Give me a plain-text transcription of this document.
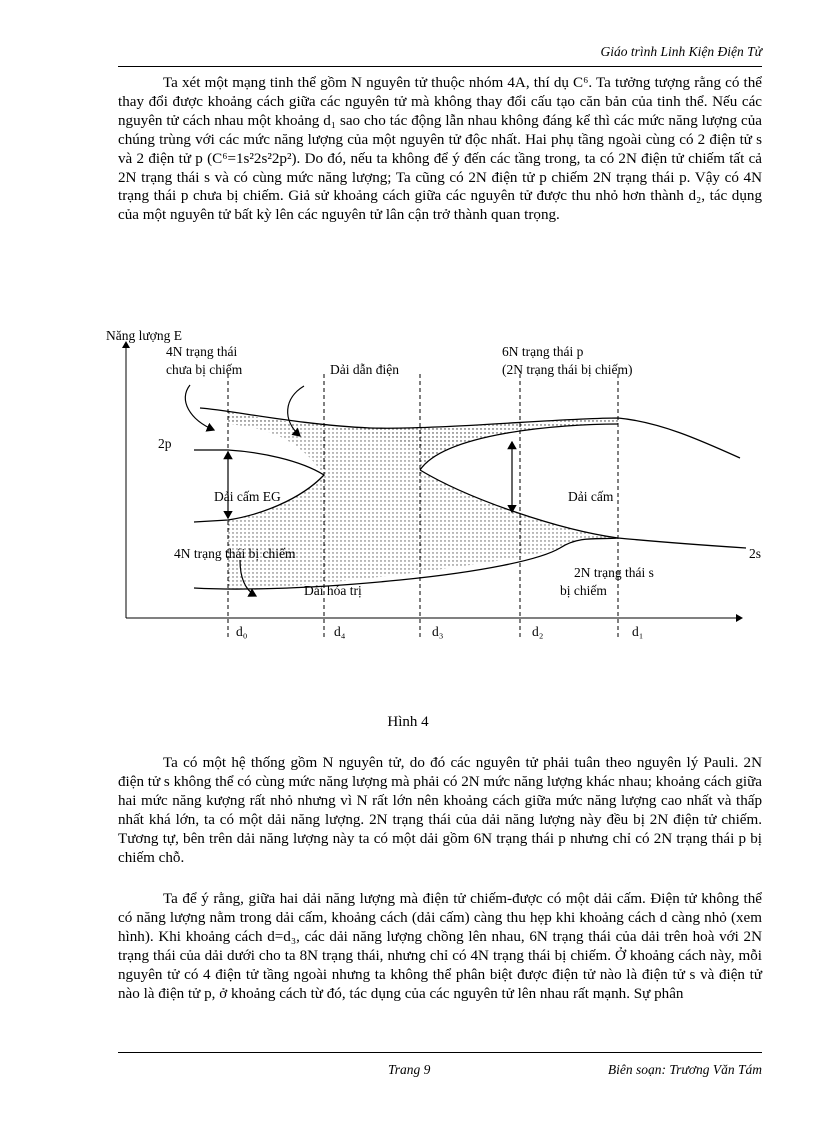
Giáo trình Linh Kiện Điện Tử

Ta xét một mạng tinh thể gồm N nguyên tử thuộc nhóm 4A, thí dụ C⁶. Ta tưởng tượng rằng có thể thay đổi được khoảng cách giữa các nguyên tử mà không thay đổi cấu tạo căn bản của tinh thể. Nếu các nguyên tử cách nhau một khoảng d₁ sao cho tác động lẫn nhau không đáng kể thì các mức năng lượng của chúng trùng với các mức năng lượng của một nguyên tử độc nhất. Hai phụ tầng ngoài cùng có 2 điện tử s và 2 điện tử p (C⁶=1s²2s²2p²). Do đó, nếu ta không để ý đến các tầng trong, ta có 2N điện tử chiếm tất cả 2N trạng thái s và có cùng mức năng lượng; Ta cũng có 2N điện tử p chiếm 2N trạng thái p. Vậy có 4N trạng thái p chưa bị chiếm. Giả sử khoảng cách giữa các nguyên tử được thu nhỏ hơn thành d₂, tác dụng của một nguyên tử bất kỳ lên các nguyên tử lân cận trở thành quan trọng.

Năng lượng E
4N trạng thái
chưa bị chiếm	Dải dẫn điện
6N trạng thái p
(2N trạng thái bị chiếm)
2p
Dải cấm EG	Dải cấm
4N trạng thái bị chiếm	2s
2N trạng thái s
bị chiếm
Dải hóa trị
d₀	d₄	d₃	d₂	d₁
Hình 4

Ta có một hệ thống gồm N nguyên tử, do đó các nguyên tử phải tuân theo nguyên lý Pauli. 2N điện tử s không thể có cùng mức năng lượng mà phải có 2N mức năng lượng khác nhau; khoảng cách giữa hai mức năng kượng rất nhỏ nhưng vì N rất lớn nên khoảng cách giữa mức năng lượng cao nhất và thấp nhất khá lớn, ta có một dải năng lượng. 2N trạng thái của dải năng lượng này đều bị 2N điện tử chiếm. Tương tự, bên trên dải năng lượng này ta có một dải gồm 6N trạng thái p nhưng chỉ có 2N trạng thái p bị chiếm chỗ.

Ta để ý rằng, giữa hai dải năng lượng mà điện tử chiếm-được có một dải cấm. Điện tử không thể có năng lượng nằm trong dải cấm, khoảng cách (dải cấm) càng thu hẹp khi khoảng cách d càng nhỏ (xem hình). Khi khoảng cách d=d₃, các dải năng lượng chồng lên nhau, 6N trạng thái của dải trên hoà với 2N trạng thái của dải dưới cho ta 8N trạng thái, nhưng chỉ có 4N trạng thái bị chiếm. Ở khoảng cách này, mỗi nguyên tử có 4 điện tử tầng ngoài nhưng ta không thể phân biệt được điện tử nào là điện tử s và điện tử nào là điện tử p, ở khoảng cách từ đó, tác dụng của các nguyên tử lên nhau rất mạnh. Sự phân

Trang 9	Biên soạn: Trương Văn Tám
